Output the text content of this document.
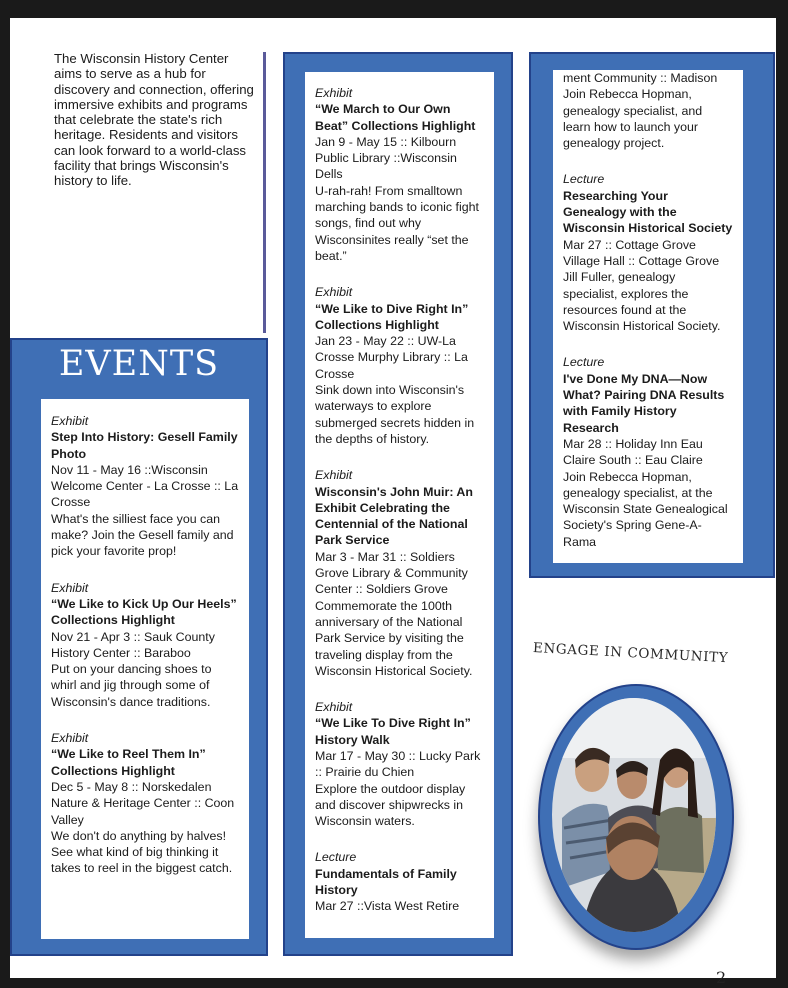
The Wisconsin History Center aims to serve as a hub for discovery and connection, offering immersive exhibits and programs that celebrate the state's rich heritage. Residents and visitors can look forward to a world-class facility that brings Wisconsin's history to life.
EVENTS
Exhibit
Step Into History: Gesell Family Photo
Nov 11 - May 16 ::Wisconsin Welcome Center - La Crosse :: La Crosse
What's the silliest face you can make? Join the Gesell family and pick your favorite prop!
Exhibit
“We Like to Kick Up Our Heels” Collections Highlight
Nov 21 - Apr 3 :: Sauk County History Center :: Baraboo
Put on your dancing shoes to whirl and jig through some of Wisconsin's dance traditions.
Exhibit
“We Like to Reel Them In” Collections Highlight
Dec 5 - May 8 :: Norskedalen Nature & Heritage Center :: Coon Valley
We don't do anything by halves! See what kind of big thinking it takes to reel in the biggest catch.
Exhibit
“We March to Our Own Beat” Collections Highlight
Jan 9 - May 15 :: Kilbourn Public Library ::Wisconsin Dells
U-rah-rah! From smalltown marching bands to iconic fight songs, find out why Wisconsinites really “set the beat.”
Exhibit
“We Like to Dive Right In” Collections Highlight
Jan 23 - May 22 :: UW-La Crosse Murphy Library :: La Crosse
Sink down into Wisconsin's waterways to explore submerged secrets hidden in the depths of history.
Exhibit
Wisconsin's John Muir: An Exhibit Celebrating the Centennial of the National Park Service
Mar 3 - Mar 31 :: Soldiers Grove Library & Community Center :: Soldiers Grove
Commemorate the 100th anniversary of the National Park Service by visiting the traveling display from the Wisconsin Historical Society.
Exhibit
“We Like To Dive Right In” History Walk
Mar 17 - May 30 :: Lucky Park :: Prairie du Chien
Explore the outdoor display and discover shipwrecks in Wisconsin waters.
Lecture
Fundamentals of Family History
Mar 27 ::Vista West Retire
ment Community :: Madison
Join Rebecca Hopman, genealogy specialist, and learn how to launch your genealogy project.
Lecture
Researching Your Genealogy with the Wisconsin Historical Society
Mar 27 :: Cottage Grove Village Hall :: Cottage Grove
Jill Fuller, genealogy specialist, explores the resources found at the Wisconsin Historical Society.
Lecture
I've Done My DNA—Now What? Pairing DNA Results with Family History Research
Mar 28 :: Holiday Inn Eau Claire South :: Eau Claire
Join Rebecca Hopman, genealogy specialist, at the Wisconsin State Genealogical Society's Spring Gene-A-Rama
ENGAGE IN COMMUNITY
2
